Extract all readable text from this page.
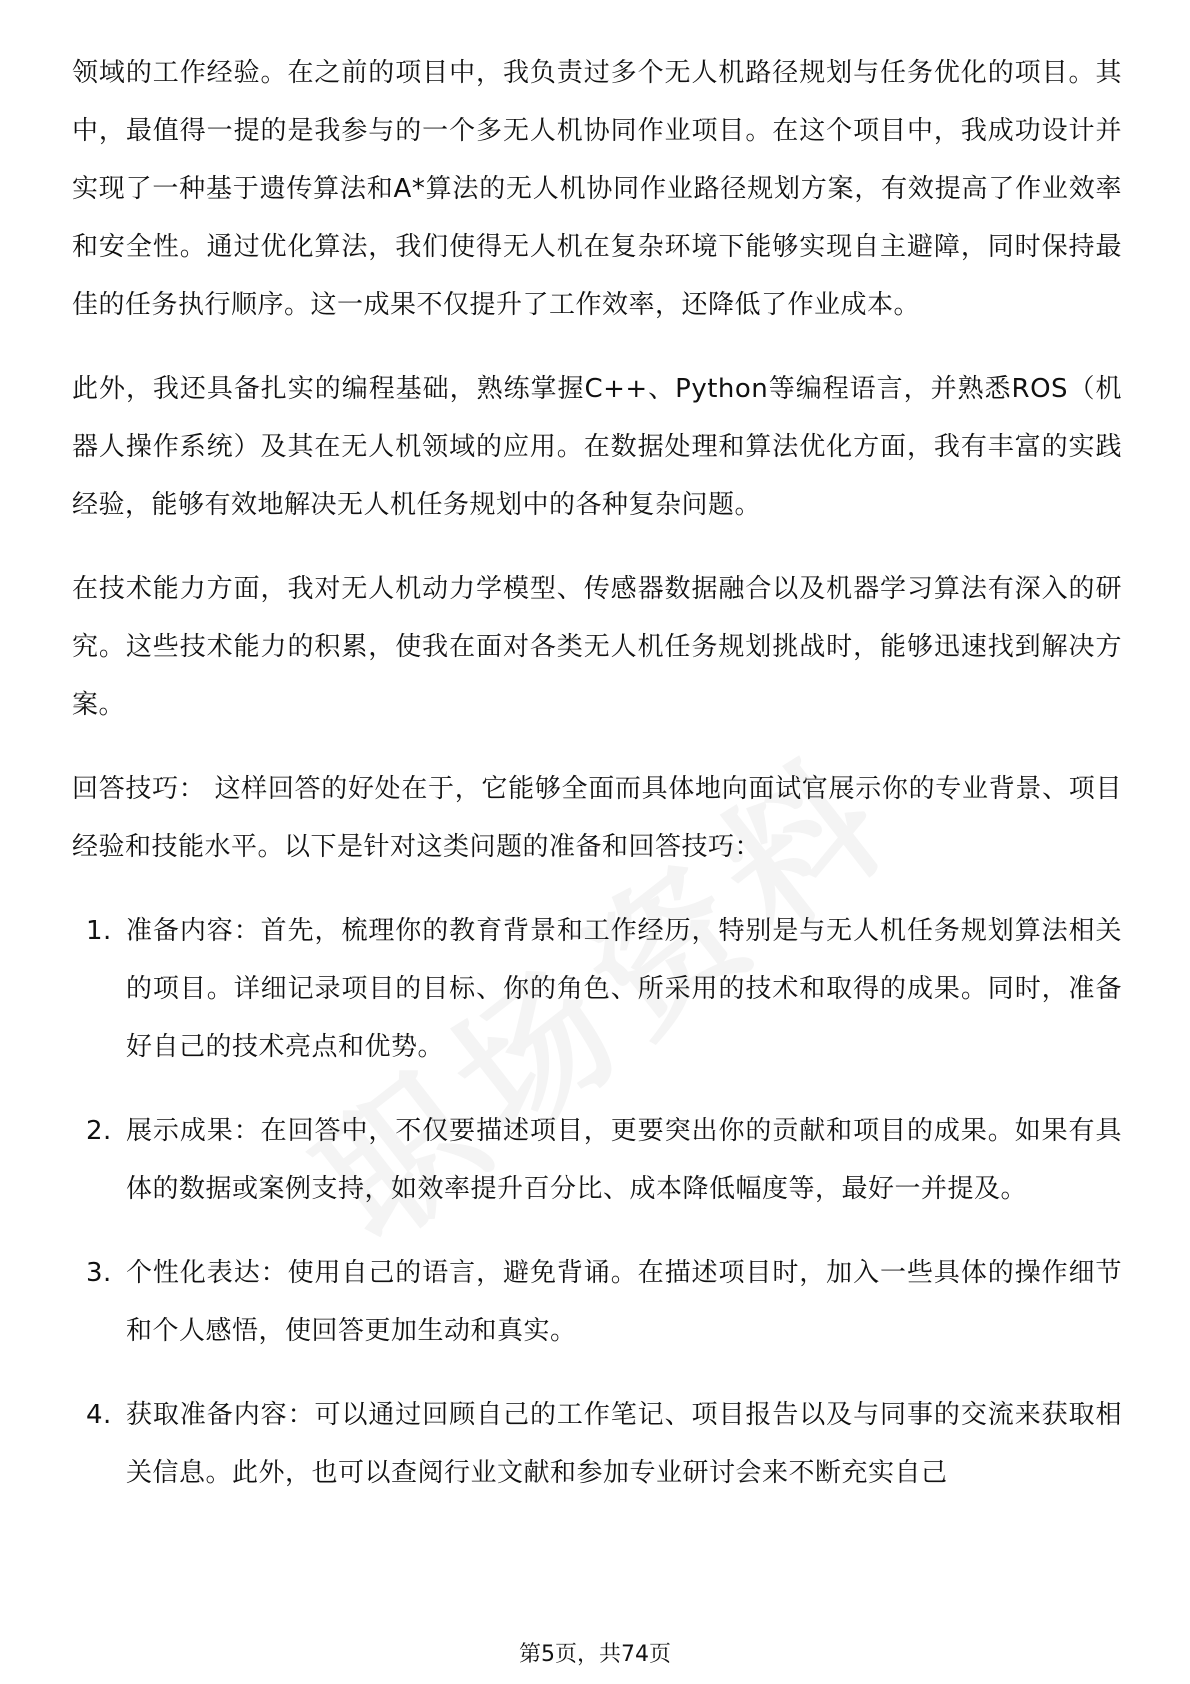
领域的工作经验。在之前的项目中，我负责过多个无人机路径规划与任务优化的项目。其中，最值得一提的是我参与的一个多无人机协同作业项目。在这个项目中，我成功设计并实现了一种基于遗传算法和A*算法的无人机协同作业路径规划方案，有效提高了作业效率和安全性。通过优化算法，我们使得无人机在复杂环境下能够实现自主避障，同时保持最佳的任务执行顺序。这一成果不仅提升了工作效率，还降低了作业成本。

此外，我还具备扎实的编程基础，熟练掌握C++、Python等编程语言，并熟悉ROS（机器人操作系统）及其在无人机领域的应用。在数据处理和算法优化方面，我有丰富的实践经验，能够有效地解决无人机任务规划中的各种复杂问题。

在技术能力方面，我对无人机动力学模型、传感器数据融合以及机器学习算法有深入的研究。这些技术能力的积累，使我在面对各类无人机任务规划挑战时，能够迅速找到解决方案。

回答技巧： 这样回答的好处在于，它能够全面而具体地向面试官展示你的专业背景、项目经验和技能水平。以下是针对这类问题的准备和回答技巧：

1. 准备内容：首先，梳理你的教育背景和工作经历，特别是与无人机任务规划算法相关的项目。详细记录项目的目标、你的角色、所采用的技术和取得的成果。同时，准备好自己的技术亮点和优势。
2. 展示成果：在回答中，不仅要描述项目，更要突出你的贡献和项目的成果。如果有具体的数据或案例支持，如效率提升百分比、成本降低幅度等，最好一并提及。
3. 个性化表达：使用自己的语言，避免背诵。在描述项目时，加入一些具体的操作细节和个人感悟，使回答更加生动和真实。
4. 获取准备内容：可以通过回顾自己的工作笔记、项目报告以及与同事的交流来获取相关信息。此外，也可以查阅行业文献和参加专业研讨会来不断充实自己
第5页，共74页
